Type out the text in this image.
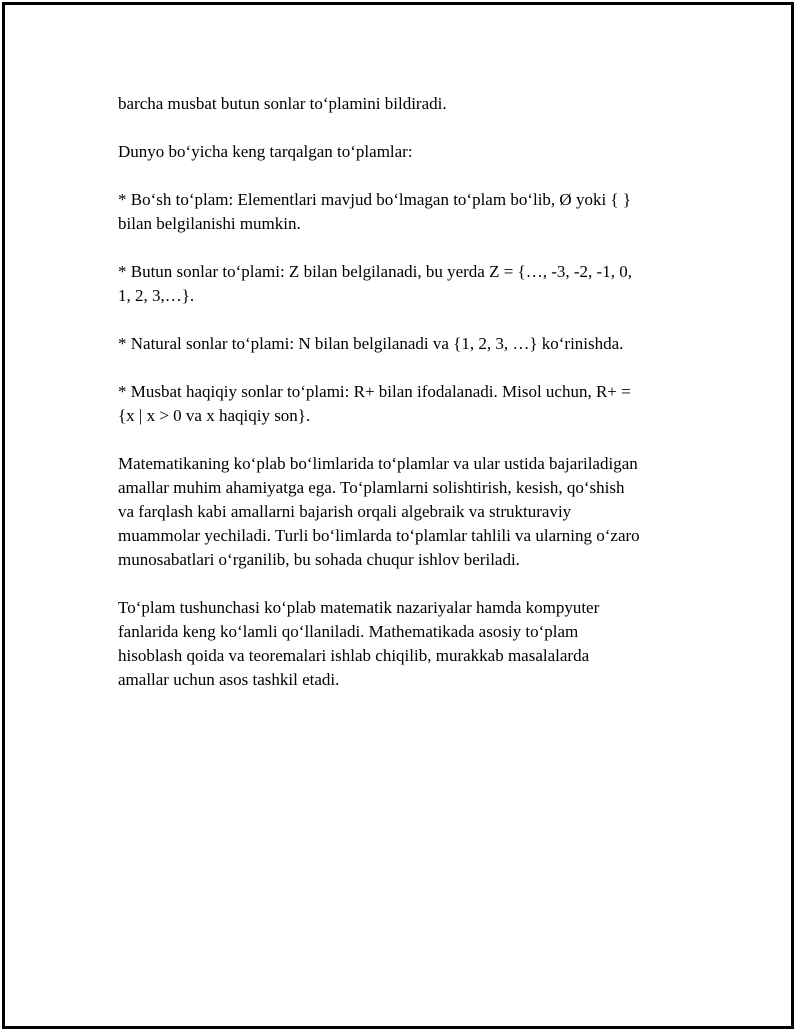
barcha musbat butun sonlar to‘plamini bildiradi.

Dunyo bo‘yicha keng tarqalgan to‘plamlar:

* Bo‘sh to‘plam: Elementlari mavjud bo‘lmagan to‘plam bo‘lib, Ø yoki { }
bilan belgilanishi mumkin.

* Butun sonlar to‘plami: Z bilan belgilanadi, bu yerda Z = {…, -3, -2, -1, 0,
1, 2, 3,…}.

* Natural sonlar to‘plami: N bilan belgilanadi va {1, 2, 3, …} ko‘rinishda.

* Musbat haqiqiy sonlar to‘plami: R+ bilan ifodalanadi. Misol uchun, R+ =
{x | x > 0 va x haqiqiy son}.

Matematikaning ko‘plab bo‘limlarida to‘plamlar va ular ustida bajariladigan
amallar muhim ahamiyatga ega. To‘plamlarni solishtirish, kesish, qo‘shish
va farqlash kabi amallarni bajarish orqali algebraik va strukturaviy
muammolar yechiladi. Turli bo‘limlarda to‘plamlar tahlili va ularning o‘zaro
munosabatlari o‘rganilib, bu sohada chuqur ishlov beriladi.

To‘plam tushunchasi ko‘plab matematik nazariyalar hamda kompyuter
fanlarida keng ko‘lamli qo‘llaniladi. Mathematikada asosiy to‘plam
hisoblash qoida va teoremalari ishlab chiqilib, murakkab masalalarda
amallar uchun asos tashkil etadi.
